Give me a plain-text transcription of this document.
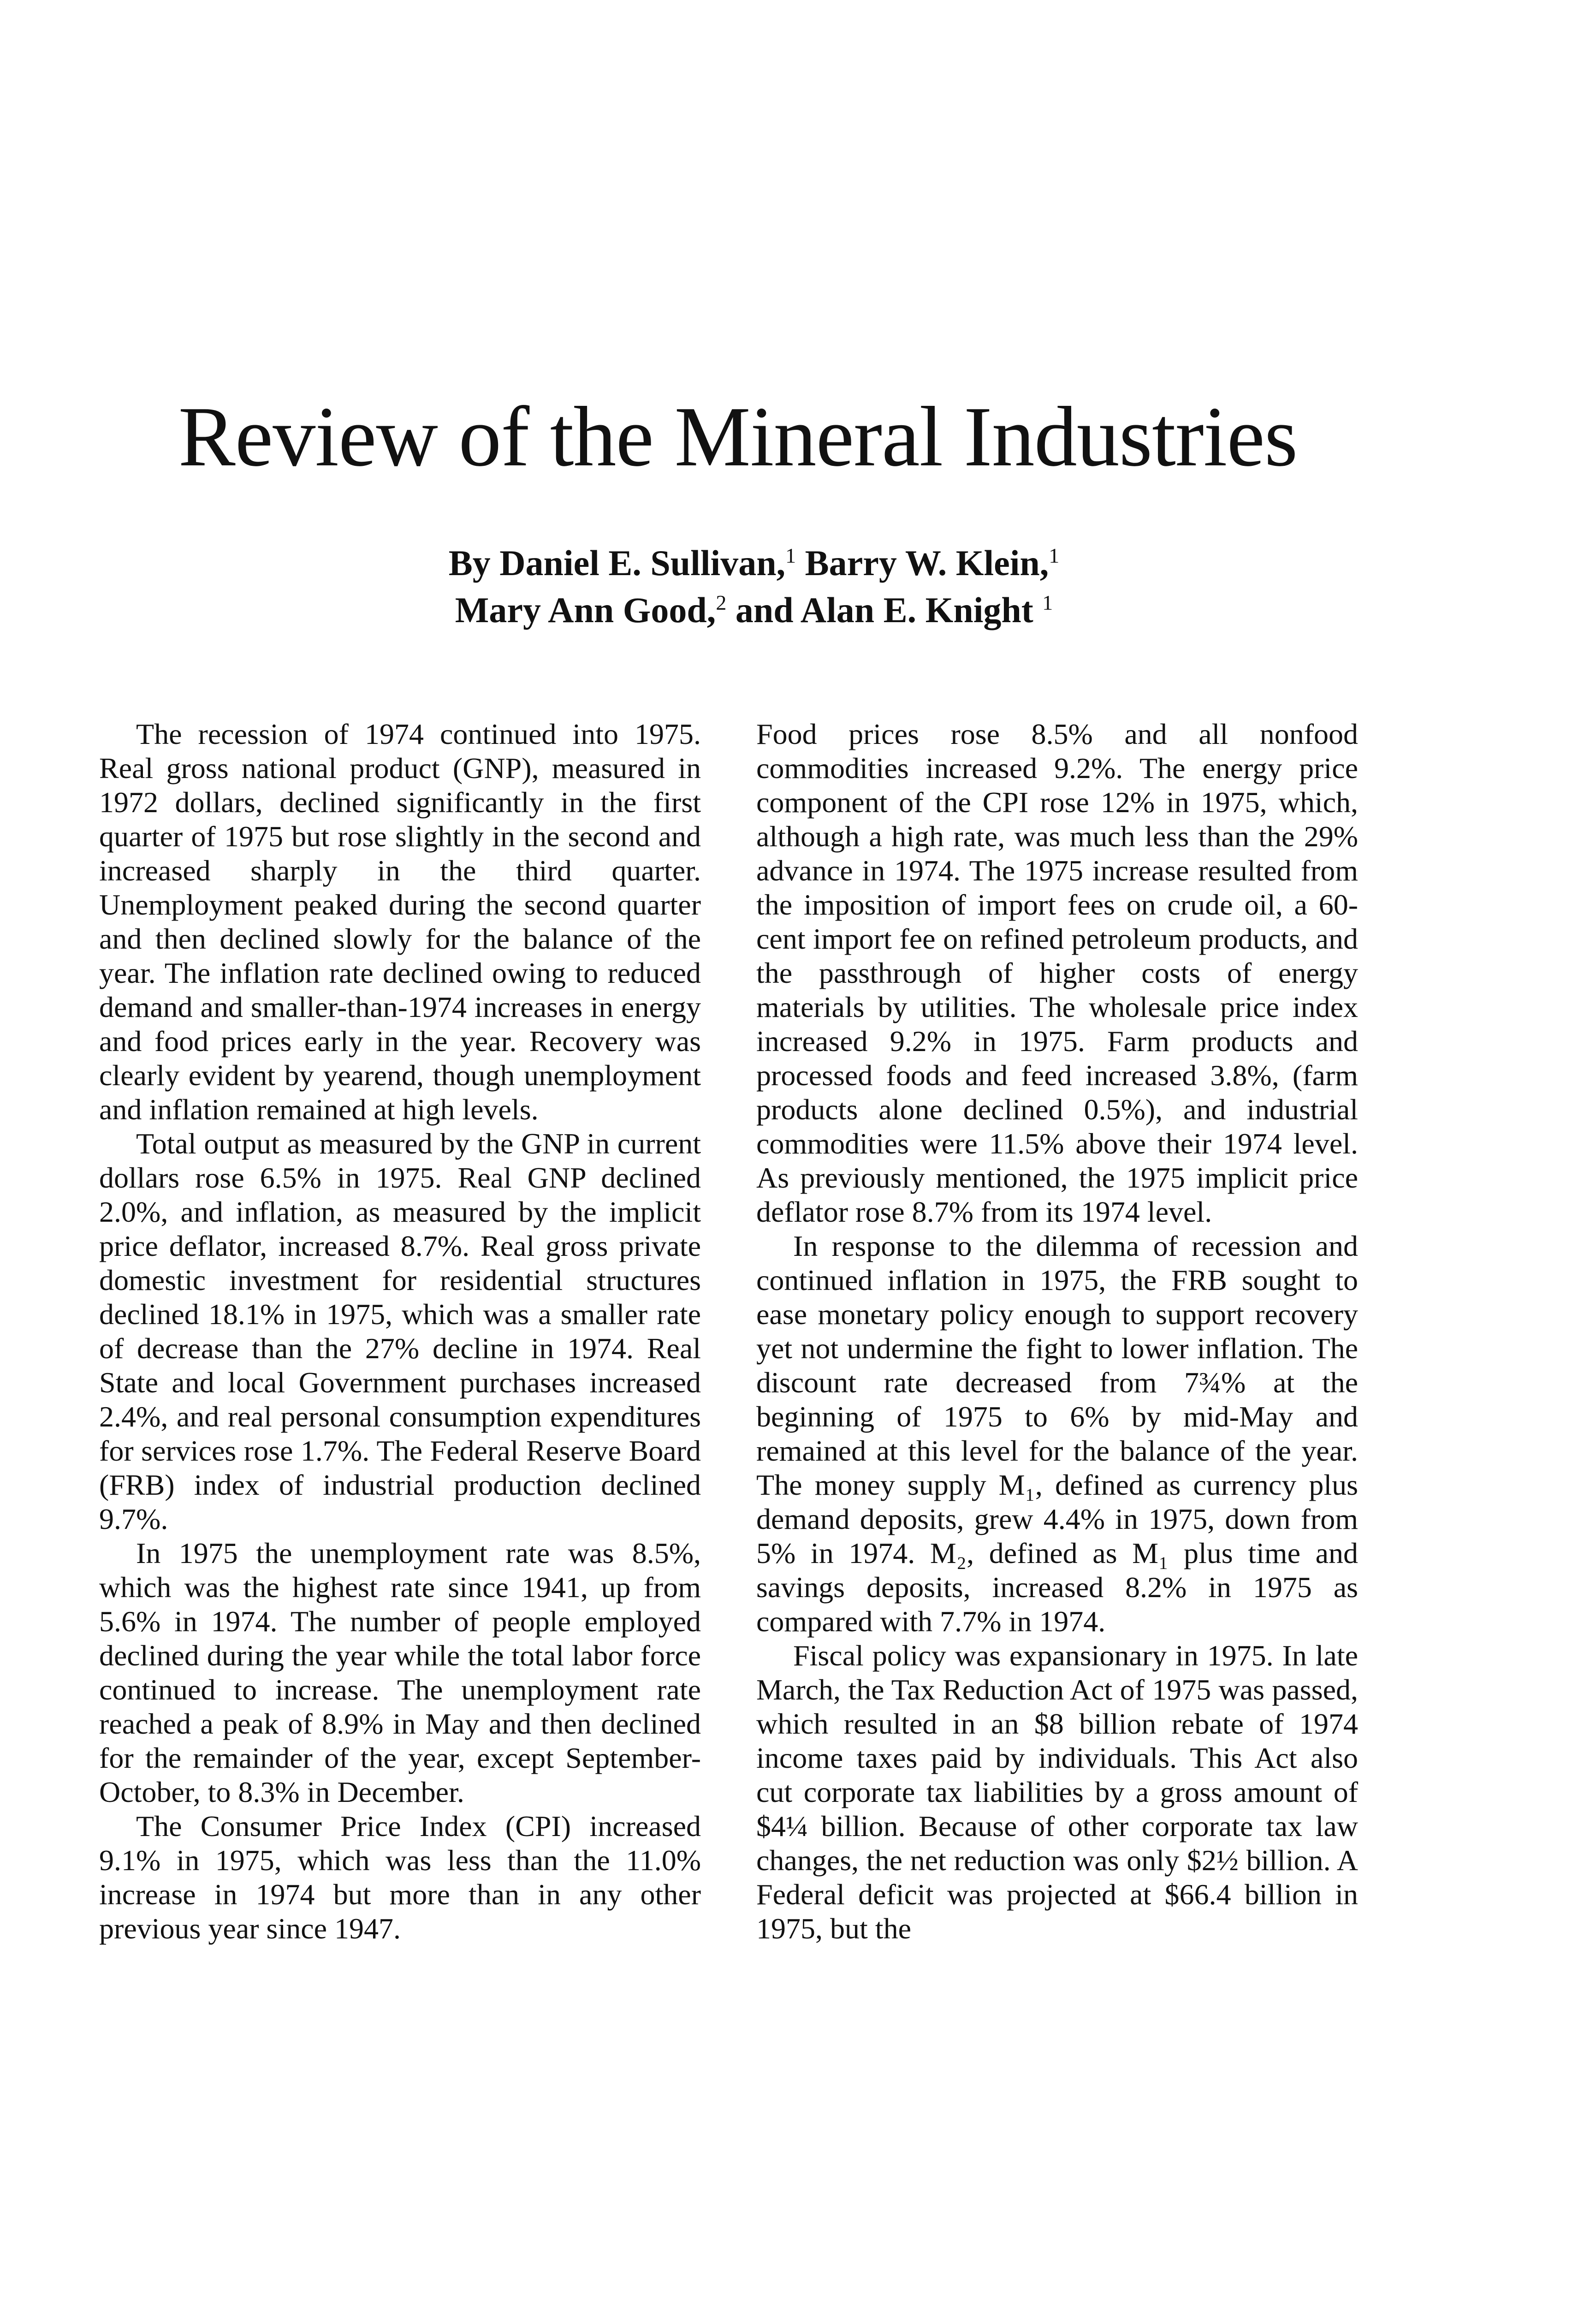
Review of the Mineral Industries
By Daniel E. Sullivan,$^1$ Barry W. Klein,$^1$
Mary Ann Good,$^2$ and Alan E. Knight $^1$

The recession of 1974 continued into 1975. Real gross national product (GNP), measured in 1972 dollars, declined significantly in the first quarter of 1975 but rose slightly in the second and increased sharply in the third quarter. Unemployment peaked during the second quarter and then declined slowly for the balance of the year. The inflation rate declined owing to reduced demand and smaller-than-1974 increases in energy and food prices early in the year. Recovery was clearly evident by yearend, though unemployment and inflation remained at high levels.

Total output as measured by the GNP in current dollars rose 6.5% in 1975. Real GNP declined 2.0%, and inflation, as measured by the implicit price deflator, increased 8.7%. Real gross private domestic investment for residential structures declined 18.1% in 1975, which was a smaller rate of decrease than the 27% decline in 1974. Real State and local Government purchases increased 2.4%, and real personal consumption expenditures for services rose 1.7%. The Federal Reserve Board (FRB) index of industrial production declined 9.7%.

In 1975 the unemployment rate was 8.5%, which was the highest rate since 1941, up from 5.6% in 1974. The number of people employed declined during the year while the total labor force continued to increase. The unemployment rate reached a peak of 8.9% in May and then declined for the remainder of the year, except September-October, to 8.3% in December.

The Consumer Price Index (CPI) increased 9.1% in 1975, which was less than the 11.0% increase in 1974 but more than in any other previous year since 1947.

Food prices rose 8.5% and all nonfood commodities increased 9.2%. The energy price component of the CPI rose 12% in 1975, which, although a high rate, was much less than the 29% advance in 1974. The 1975 increase resulted from the imposition of import fees on crude oil, a 60-cent import fee on refined petroleum products, and the passthrough of higher costs of energy materials by utilities. The wholesale price index increased 9.2% in 1975. Farm products and processed foods and feed increased 3.8%, (farm products alone declined 0.5%), and industrial commodities were 11.5% above their 1974 level. As previously mentioned, the 1975 implicit price deflator rose 8.7% from its 1974 level.

In response to the dilemma of recession and continued inflation in 1975, the FRB sought to ease monetary policy enough to support recovery yet not undermine the fight to lower inflation. The discount rate decreased from 7¾% at the beginning of 1975 to 6% by mid-May and remained at this level for the balance of the year. The money supply M₁, defined as currency plus demand deposits, grew 4.4% in 1975, down from 5% in 1974. M₂, defined as M₁ plus time and savings deposits, increased 8.2% in 1975 as compared with 7.7% in 1974.

Fiscal policy was expansionary in 1975. In late March, the Tax Reduction Act of 1975 was passed, which resulted in an $8 billion rebate of 1974 income taxes paid by individuals. This Act also cut corporate tax liabilities by a gross amount of $4¼ billion. Because of other corporate tax law changes, the net reduction was only $2½ billion. A Federal deficit was projected at $66.4 billion in 1975, but the
